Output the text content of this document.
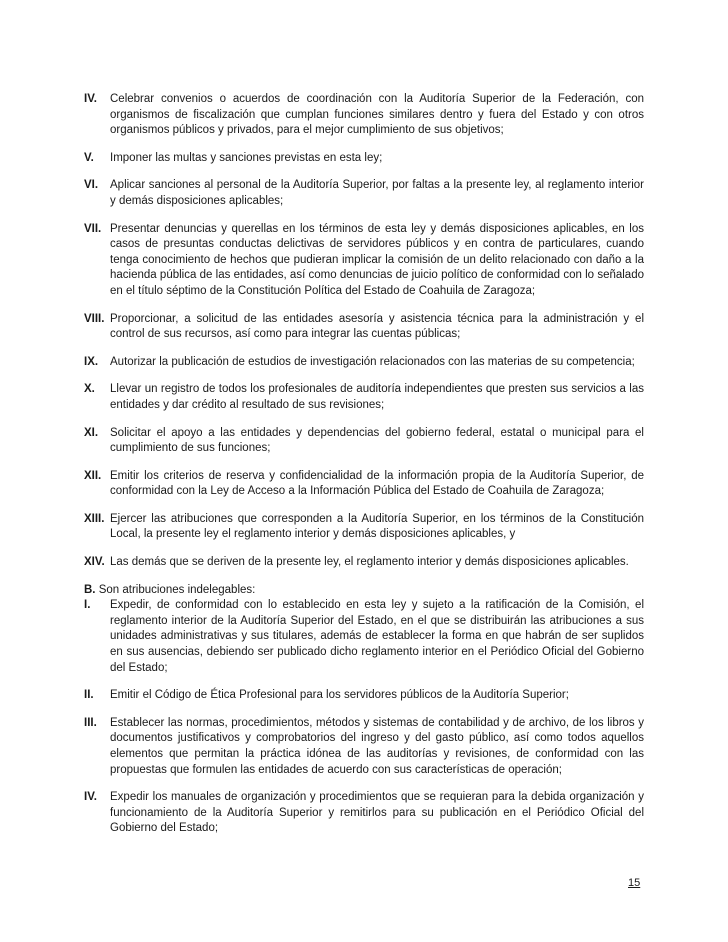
IV.	Celebrar convenios o acuerdos de coordinación con la Auditoría Superior de la Federación, con organismos de fiscalización que cumplan funciones similares dentro y fuera del Estado y con otros organismos públicos y privados, para el mejor cumplimiento de sus objetivos;
V.	Imponer las multas y sanciones previstas en esta ley;
VI.	Aplicar sanciones al personal de la Auditoría Superior, por faltas a la presente ley, al reglamento interior y demás disposiciones aplicables;
VII. Presentar denuncias y querellas en los términos de esta ley y demás disposiciones aplicables, en los casos de presuntas conductas delictivas de servidores públicos y en contra de particulares, cuando tenga conocimiento de hechos que pudieran implicar la comisión de un delito relacionado con daño a la hacienda pública de las entidades, así como denuncias de juicio político de conformidad con lo señalado en el título séptimo de la Constitución Política del Estado de Coahuila de Zaragoza;
VIII. Proporcionar, a solicitud de las entidades asesoría y asistencia técnica para la administración y el control de sus recursos, así como para integrar las cuentas públicas;
IX.	Autorizar la publicación de estudios de investigación relacionados con las materias de su competencia;
X.	Llevar un registro de todos los profesionales de auditoría independientes que presten sus servicios a las entidades y dar crédito al resultado de sus revisiones;
XI.	Solicitar el apoyo a las entidades y dependencias del gobierno federal, estatal o municipal para el cumplimiento de sus funciones;
XII. Emitir los criterios de reserva y confidencialidad de la información propia de la Auditoría Superior, de conformidad con la Ley de Acceso a la Información Pública del Estado de Coahuila de Zaragoza;
XIII. Ejercer las atribuciones que corresponden a la Auditoría Superior, en los términos de la Constitución Local, la presente ley el reglamento interior y demás disposiciones aplicables, y
XIV. Las demás que se deriven de la presente ley, el reglamento interior y demás disposiciones aplicables.
B. Son atribuciones indelegables:
I.	Expedir, de conformidad con lo establecido en esta ley y sujeto a la ratificación de la Comisión, el reglamento interior de la Auditoría Superior del Estado, en el que se distribuirán las atribuciones a sus unidades administrativas y sus titulares, además de establecer la forma en que habrán de ser suplidos en sus ausencias, debiendo ser publicado dicho reglamento interior en el Periódico Oficial del Gobierno del Estado;
II.	Emitir el Código de Ética Profesional para los servidores públicos de la Auditoría Superior;
III.	Establecer las normas, procedimientos, métodos y sistemas de contabilidad y de archivo, de los libros y documentos justificativos y comprobatorios del ingreso y del gasto público, así como todos aquellos elementos que permitan la práctica idónea de las auditorías y revisiones, de conformidad con las propuestas que formulen las entidades de acuerdo con sus características de operación;
IV.	Expedir los manuales de organización y procedimientos que se requieran para la debida organización y funcionamiento de la Auditoría Superior y remitirlos para su publicación en el Periódico Oficial del Gobierno del Estado;
15
